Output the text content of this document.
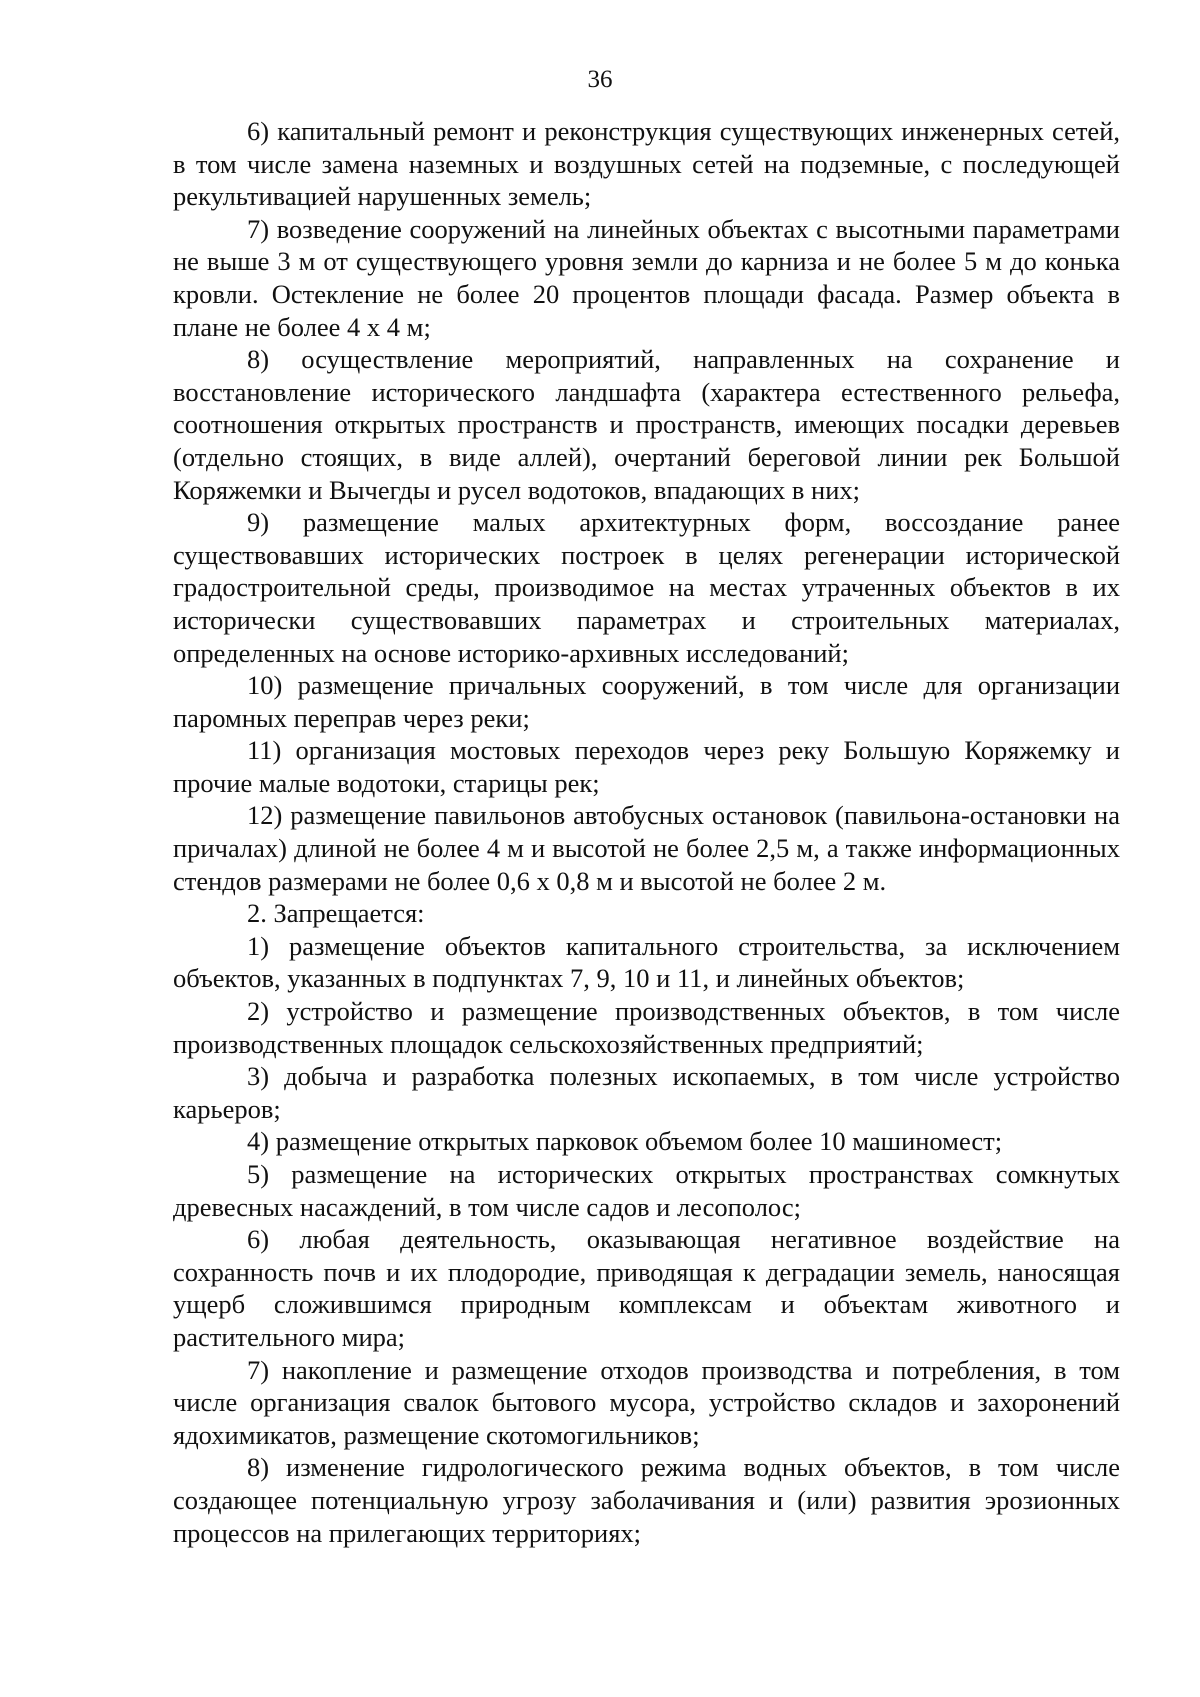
36

6) капитальный ремонт и реконструкция существующих инженерных сетей, в том числе замена наземных и воздушных сетей на подземные, с последующей рекультивацией нарушенных земель;

7) возведение сооружений на линейных объектах с высотными параметрами не выше 3 м от существующего уровня земли до карниза и не более 5 м до конька кровли. Остекление не более 20 процентов площади фасада. Размер объекта в плане не более 4 х 4 м;

8) осуществление мероприятий, направленных на сохранение и восстановление исторического ландшафта (характера естественного рельефа, соотношения открытых пространств и пространств, имеющих посадки деревьев (отдельно стоящих, в виде аллей), очертаний береговой линии рек Большой Коряжемки и Вычегды и русел водотоков, впадающих в них;

9) размещение малых архитектурных форм, воссоздание ранее существовавших исторических построек в целях регенерации исторической градостроительной среды, производимое на местах утраченных объектов в их исторически существовавших параметрах и строительных материалах, определенных на основе историко-архивных исследований;

10) размещение причальных сооружений, в том числе для организации паромных переправ через реки;

11) организация мостовых переходов через реку Большую Коряжемку и прочие малые водотоки, старицы рек;

12) размещение павильонов автобусных остановок (павильона-остановки на причалах) длиной не более 4 м и высотой не более 2,5 м, а также информационных стендов размерами не более 0,6 х 0,8 м и высотой не более 2 м.

2. Запрещается:

1) размещение объектов капитального строительства, за исключением объектов, указанных в подпунктах 7, 9, 10 и 11, и линейных объектов;

2) устройство и размещение производственных объектов, в том числе производственных площадок сельскохозяйственных предприятий;

3) добыча и разработка полезных ископаемых, в том числе устройство карьеров;

4) размещение открытых парковок объемом более 10 машиномест;

5) размещение на исторических открытых пространствах сомкнутых древесных насаждений, в том числе садов и лесополос;

6) любая деятельность, оказывающая негативное воздействие на сохранность почв и их плодородие, приводящая к деградации земель, наносящая ущерб сложившимся природным комплексам и объектам животного и растительного мира;

7) накопление и размещение отходов производства и потребления, в том числе организация свалок бытового мусора, устройство складов и захоронений ядохимикатов, размещение скотомогильников;

8) изменение гидрологического режима водных объектов, в том числе создающее потенциальную угрозу заболачивания и (или) развития эрозионных процессов на прилегающих территориях;
